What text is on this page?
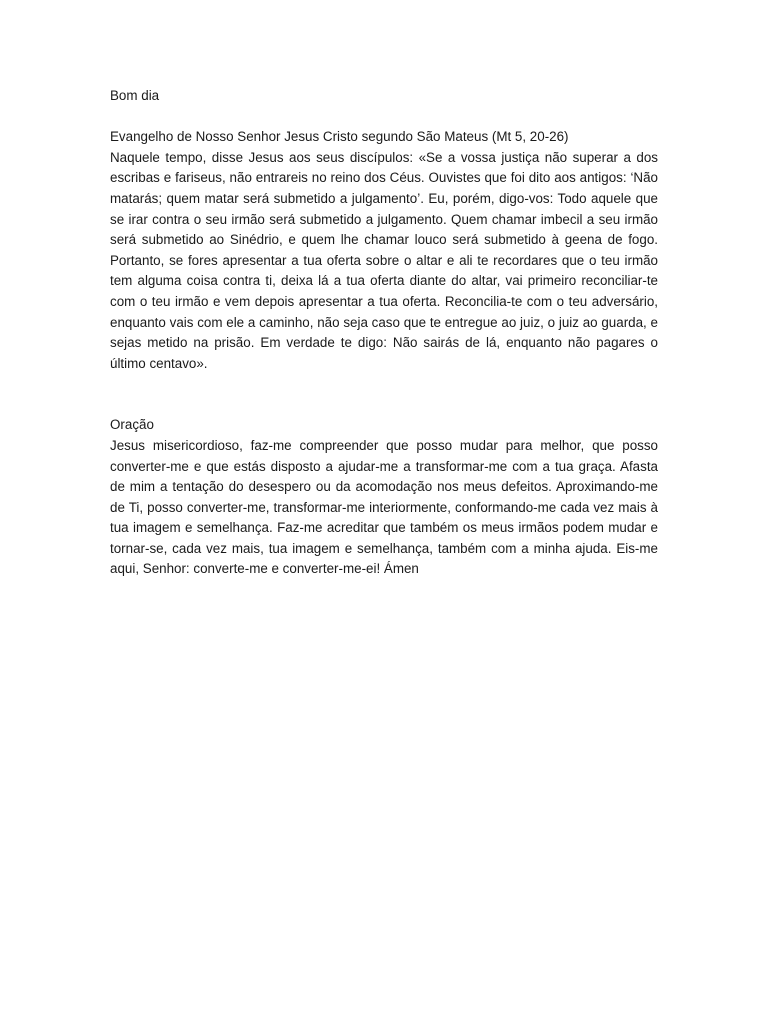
Bom dia

Evangelho de Nosso Senhor Jesus Cristo segundo São Mateus (Mt 5, 20-26)

Naquele tempo, disse Jesus aos seus discípulos: «Se a vossa justiça não superar a dos escribas e fariseus, não entrareis no reino dos Céus. Ouvistes que foi dito aos antigos: ‘Não matarás; quem matar será submetido a julgamento’. Eu, porém, digo-vos: Todo aquele que se irar contra o seu irmão será submetido a julgamento. Quem chamar imbecil a seu irmão será submetido ao Sinédrio, e quem lhe chamar louco será submetido à geena de fogo. Portanto, se fores apresentar a tua oferta sobre o altar e ali te recordares que o teu irmão tem alguma coisa contra ti, deixa lá a tua oferta diante do altar, vai primeiro reconciliar-te com o teu irmão e vem depois apresentar a tua oferta. Reconcilia-te com o teu adversário, enquanto vais com ele a caminho, não seja caso que te entregue ao juiz, o juiz ao guarda, e sejas metido na prisão. Em verdade te digo: Não sairás de lá, enquanto não pagares o último centavo».

Oração

Jesus misericordioso, faz-me compreender que posso mudar para melhor, que posso converter-me e que estás disposto a ajudar-me a transformar-me com a tua graça. Afasta de mim a tentação do desespero ou da acomodação nos meus defeitos. Aproximando-me de Ti, posso converter-me, transformar-me interiormente, conformando-me cada vez mais à tua imagem e semelhança. Faz-me acreditar que também os meus irmãos podem mudar e tornar-se, cada vez mais, tua imagem e semelhança, também com a minha ajuda. Eis-me aqui, Senhor: converte-me e converter-me-ei! Ámen
